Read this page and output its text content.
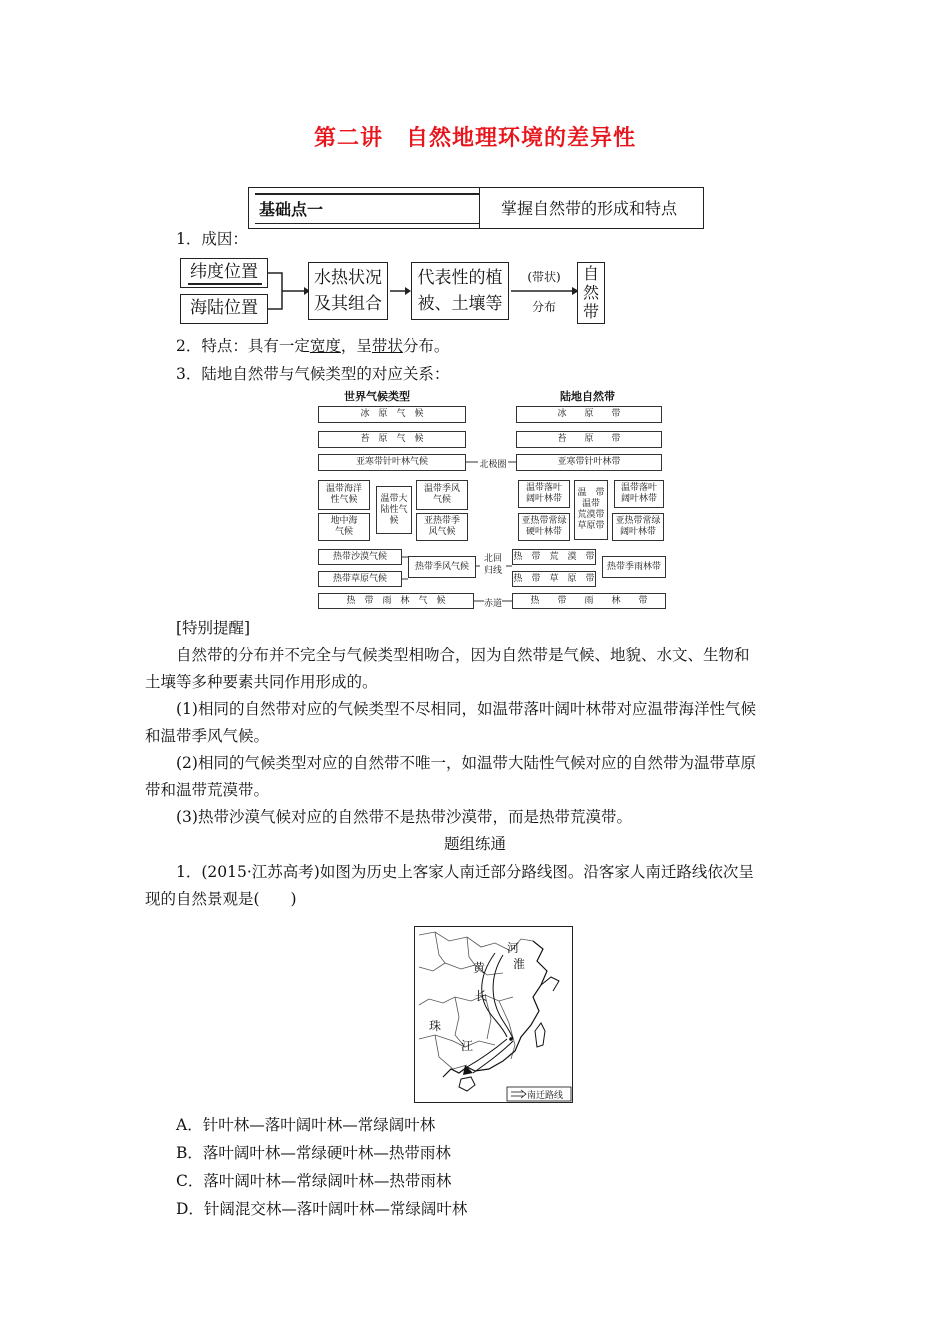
第二讲　自然地理环境的差异性
基础点一	掌握自然带的形成和特点
1．成因：
纬度位置
海陆位置
水热状况
及其组合
代表性的植
被、土壤等
(带状)
分布
自
然
带
2．特点：具有一定宽度，呈带状分布。
3．陆地自然带与气候类型的对应关系：
世界气候类型	陆地自然带
冰　原　气　候
苔　原　气　候
亚寒带针叶林气候
温带海洋
性气候	温带大
陆性气
候
温带季风
气候
地中海
气候
亚热带季
风气候
热带沙漠气候
热带草原气候
热带季风气候
热　带　雨　林　气　候
北极圈
北回
归线
赤道
冰　　原　　带
苔　　原　　带
亚寒带针叶林带
温带落叶
阔叶林带
温　带
温带
荒漠带
草原带
温带落叶
阔叶林带
亚热带常绿
硬叶林带
亚热带常绿
阔叶林带
热　带　荒　漠　带
热　带　草　原　带
热带季雨林带
热　　带　　雨　　林　　带
[特别提醒]
自然带的分布并不完全与气候类型相吻合，因为自然带是气候、地貌、水文、生物和
土壤等多种要素共同作用形成的。
(1)相同的自然带对应的气候类型不尽相同，如温带落叶阔叶林带对应温带海洋性气候
和温带季风气候。
(2)相同的气候类型对应的自然带不唯一，如温带大陆性气候对应的自然带为温带草原
带和温带荒漠带。
(3)热带沙漠气候对应的自然带不是热带沙漠带，而是热带荒漠带。
题组练通
1．(2015·江苏高考)如图为历史上客家人南迁部分路线图。沿客家人南迁路线依次呈
现的自然景观是(　　)
河
淮
黄
长
珠
江
南迁路线
A．针叶林—落叶阔叶林—常绿阔叶林
B．落叶阔叶林—常绿硬叶林—热带雨林
C．落叶阔叶林—常绿阔叶林—热带雨林
D．针阔混交林—落叶阔叶林—常绿阔叶林
